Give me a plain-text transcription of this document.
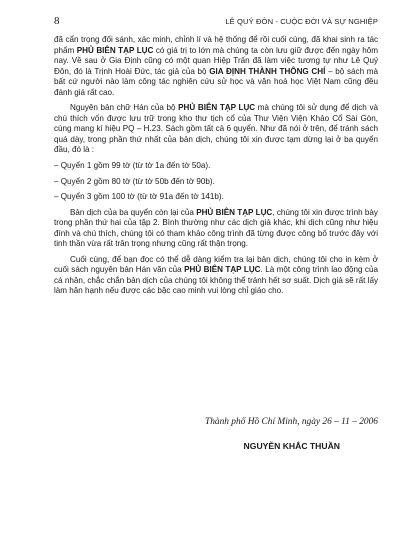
8	LÊ QUÝ ĐÔN - CUỘC ĐỜI VÀ SỰ NGHIỆP

đã cẩn trọng đối sánh, xác minh, chỉnh lí và hệ thống để rồi cuối cùng, đã khai sinh ra tác phẩm PHỦ BIÊN TẠP LỤC có giá trị to lớn mà chúng ta còn lưu giữ được đến ngày hôm nay. Về sau ở Gia Định cũng có một quan Hiệp Trấn đã làm việc tương tự như Lê Quý Đôn, đó là Trịnh Hoài Đức, tác giả của bộ GIA ĐỊNH THÀNH THÔNG CHÍ – bộ sách mà bất cứ người nào làm công tác nghiên cứu sử học và văn hoá học Việt Nam cũng đều đánh giá rất cao.

Nguyên bản chữ Hán của bộ PHỦ BIÊN TẠP LỤC mà chúng tôi sử dụng để dịch và chú thích vốn được lưu trữ trong kho thư tịch cổ của Thư Viện Viện Khảo Cổ Sài Gòn, cùng mang kí hiệu PQ – H.23. Sách gồm tất cả 6 quyển. Như đã nói ở trên, để tránh sách quá dày, trong phần thứ nhất của bản dịch, chúng tôi xin được tạm dừng lại ở ba quyển đầu, đó là :

– Quyển 1 gồm 99 tờ (từ tờ 1a đến tờ 50a).

– Quyển 2 gồm 80 tờ (từ tờ 50b đến tờ 90b).

– Quyển 3 gồm 100 tờ (từ tờ 91a đến tờ 141b).

Bản dịch của ba quyển còn lại của PHỦ BIÊN TẠP LỤC, chúng tôi xin được trình bày trong phần thứ hai của tập 2. Bình thường như các dịch giả khác, khi dịch cũng như hiệu đính và chú thích, chúng tôi có tham khảo công trình đã từng được công bố trước đây với tinh thần vừa rất trân trọng nhưng cũng rất thận trọng.

Cuối cùng, để bạn đọc có thể dễ dàng kiểm tra lại bản dịch, chúng tôi cho in kèm ở cuối sách nguyên bản Hán văn của PHỦ BIÊN TẠP LỤC. Là một công trình lao động của cá nhân, chắc chắn bản dịch của chúng tôi không thể tránh hết sơ suất. Dịch giả sẽ rất lấy làm hân hạnh nếu được các bậc cao minh vui lòng chỉ giáo cho.

Thành phố Hồ Chí Minh, ngày 26 – 11 – 2006

NGUYỄN KHẮC THUẦN
